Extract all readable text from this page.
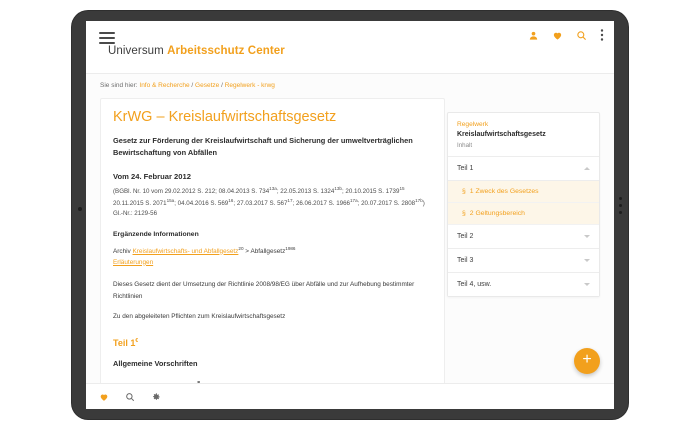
Universum Arbeitsschutz Center
Sie sind hier: Info & Recherche / Gesetze / Regelwerk - krwg
KrWG – Kreislaufwirtschaftsgesetz
Gesetz zur Förderung der Kreislaufwirtschaft und Sicherung der umweltverträglichen Bewirtschaftung von Abfällen
Vom 24. Februar 2012
(BGBl. Nr. 10 vom 29.02.2012 S. 212; 08.04.2013 S. $734^{13a}$; 22.05.2013 S. $1324^{13b}$; 20.10.2015 S. 1739$^{15}$
20.11.2015 S. $2071^{15a}$; 04.04.2016 S. $569^{16}$; 27.03.2017 S. $567^{17}$; 26.06.2017 S. $1966^{17a}$; 20.07.2017 S. $2808^{17b}$)
Gl.-Nr.: 2129-56
Ergänzende Informationen
Archiv Kreislaufwirtschafts- und Abfallgesetz$^{20}$ > Abfallgesetz$^{1986}$
Erläuterungen
Dieses Gesetz dient der Umsetzung der Richtlinie 2008/98/EG über Abfälle und zur Aufhebung bestimmter Richtlinien
Zu den abgeleiteten Pflichten zum Kreislaufwirtschaftsgesetz
Teil 1€
Allgemeine Vorschriften
Regelwerk
Kreislaufwirtschaftsgesetz
Inhalt
Teil 1
§ 1 Zweck des Gesetzes
§ 2 Geltungsbereich
Teil 2
Teil 3
Teil 4, usw.
+
